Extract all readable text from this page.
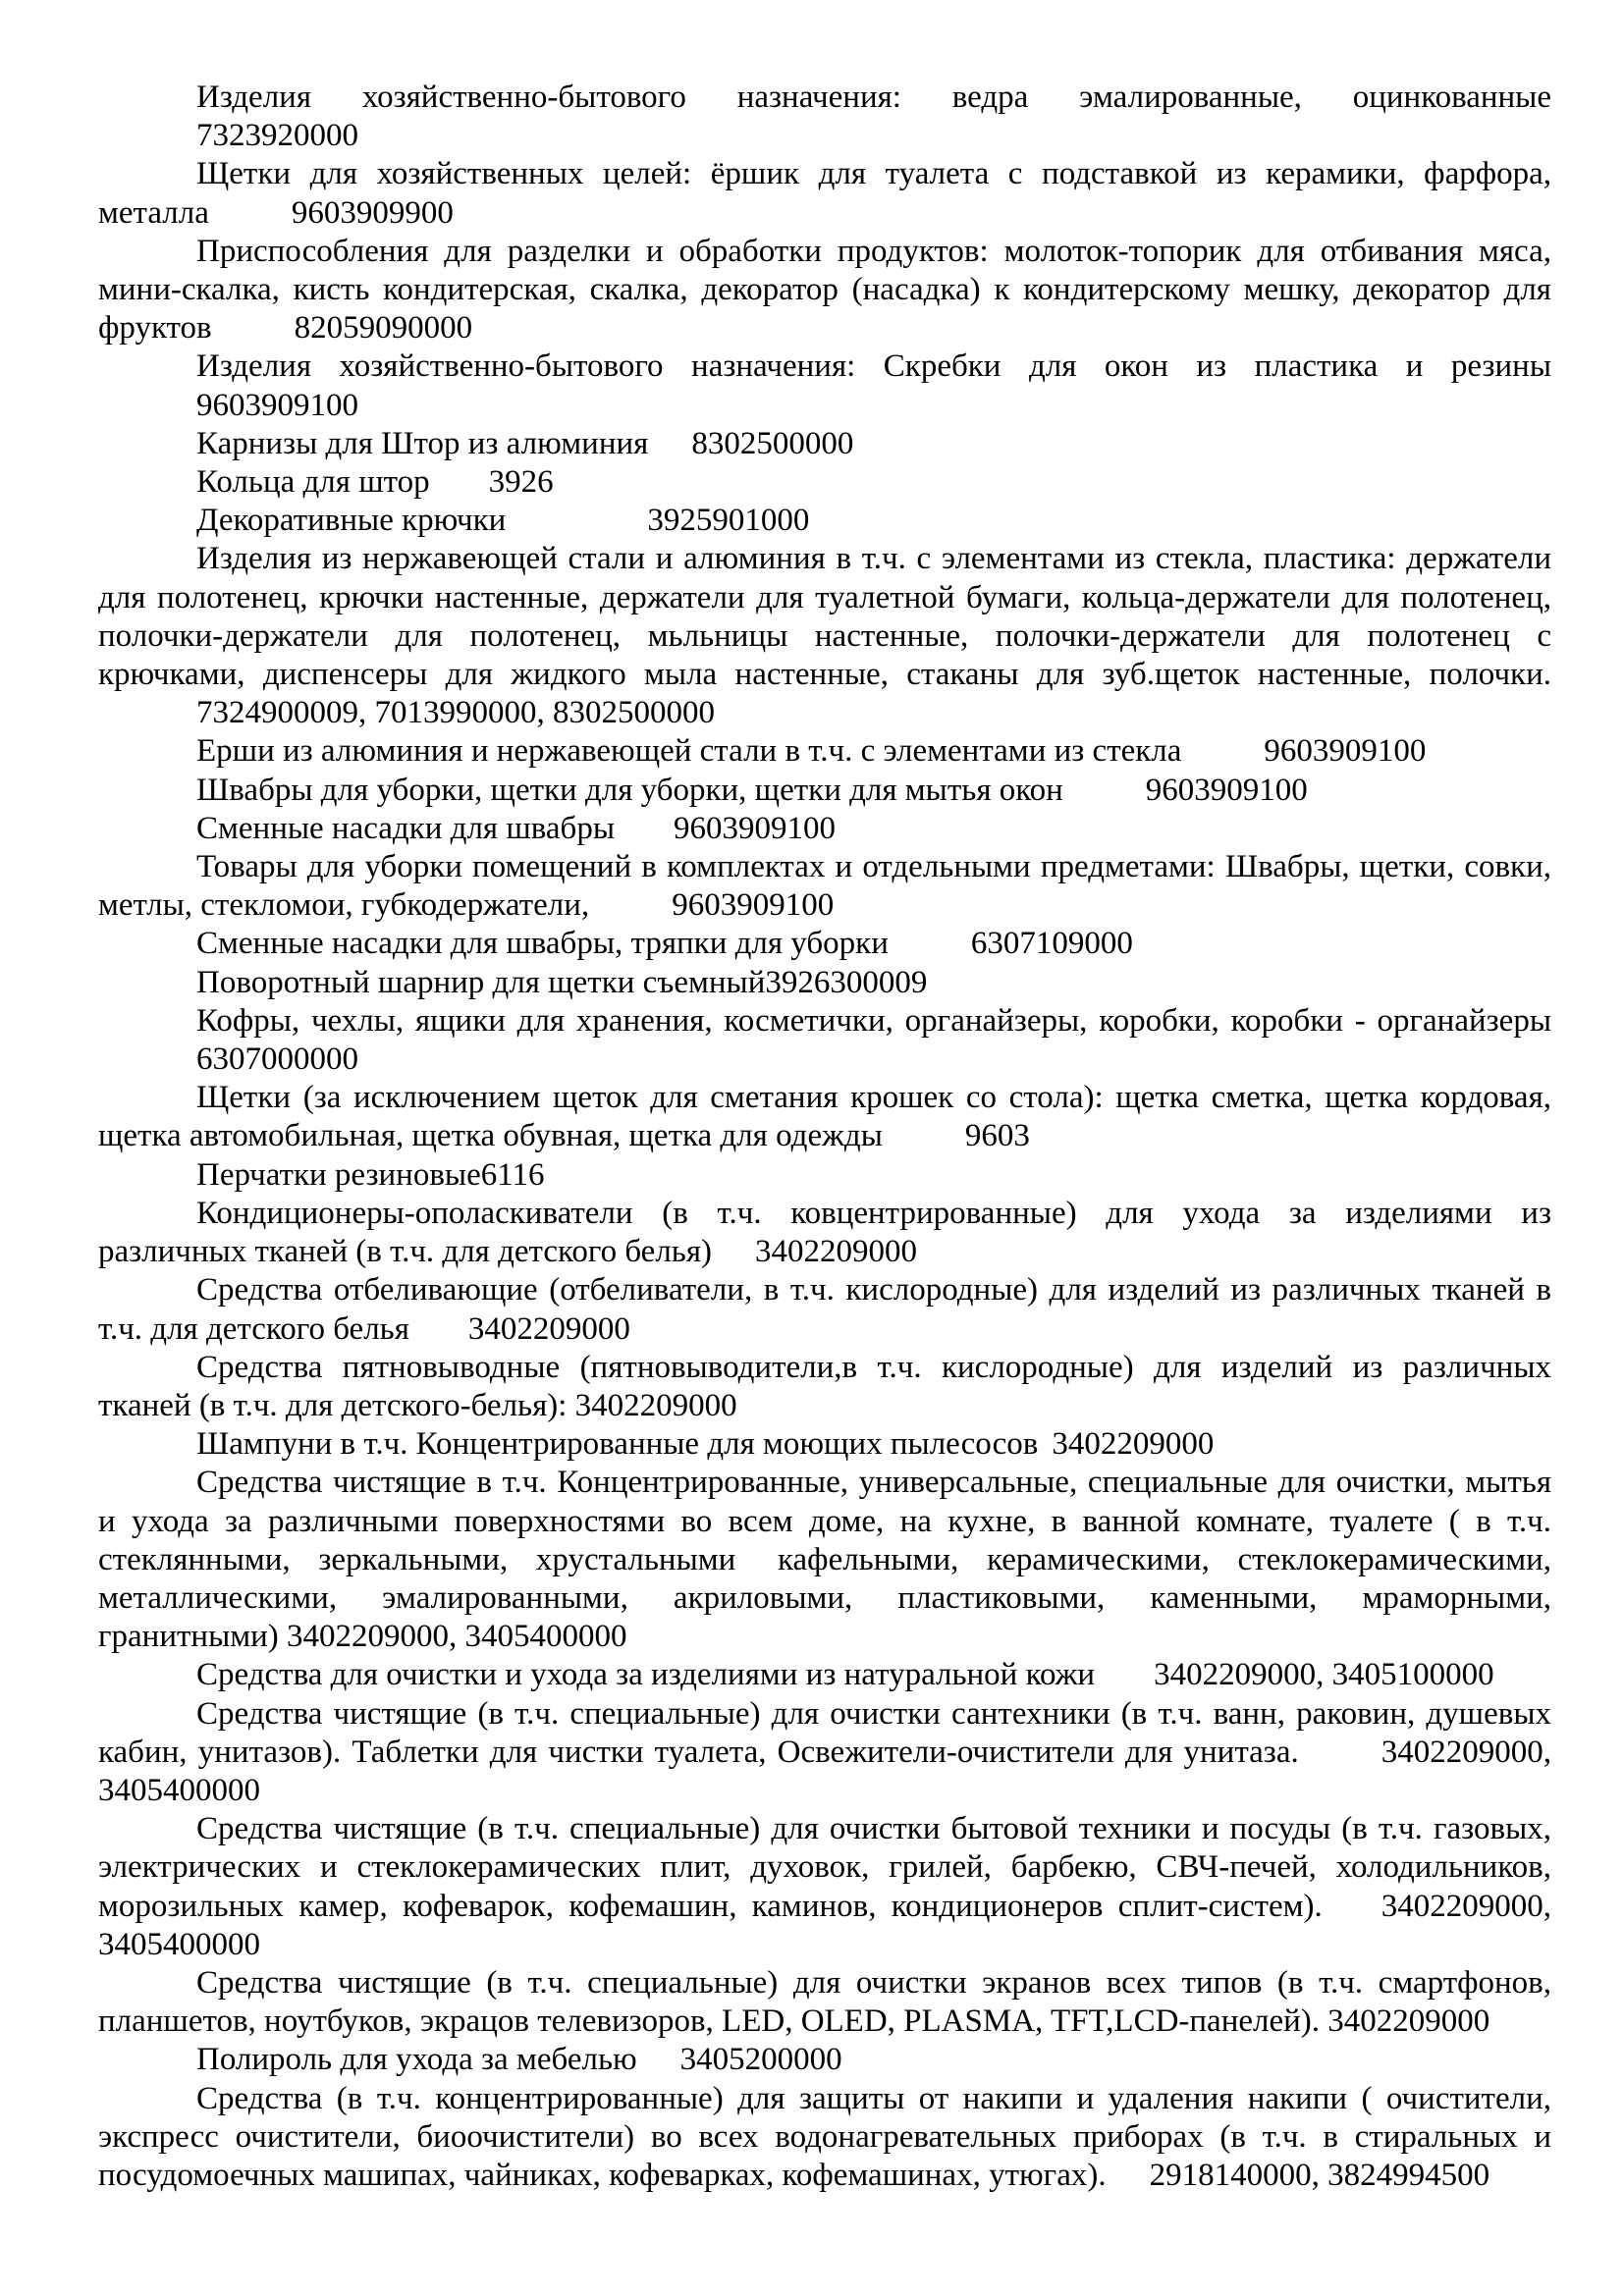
Изделия хозяйственно-бытового назначения: ведра эмалированные, оцинкованные
7323920000
Щетки для хозяйственных целей: ёршик для туалета с подставкой из керамики, фарфора,
металла	9603909900
Приспособления для разделки и обработки продуктов: молоток-топорик для отбивания мяса,
мини-скалка, кисть кондитерская, скалка, декоратор (насадка) к кондитерскому мешку, декоратор для
фруктов	82059090000
Изделия хозяйственно-бытового назначения: Скребки для окон из пластика и резины
9603909100
Карнизы для Штор из алюминия 8302500000
Кольца для штор 3926
Декоративные крючки	3925901000
Изделия из нержавеющей стали и алюминия в т.ч. с элементами из стекла, пластика: держатели
для полотенец, крючки настенные, держатели для туалетной бумаги, кольца-держатели для полотенец,
полочки-держатели для полотенец, мьльницы настенные, полочки-держатели для полотенец с
крючками, диспенсеры для жидкого мыла настенные, стаканы для зуб.щеток настенные, полочки.
7324900009, 7013990000, 8302500000
Ерши из алюминия и нержавеющей стали в т.ч. с элементами из стекла	9603909100
Швабры для уборки, щетки для уборки, щетки для мытья окон	9603909100
Сменные насадки для швабры 9603909100
Товары для уборки помещений в комплектах и отдельными предметами: Швабры, щетки, совки,
метлы, стекломои, губкодержатели,	9603909100
Сменные насадки для швабры, тряпки для уборки	6307109000
Поворотный шарнир для щетки съемный3926300009
Кофры, чехлы, ящики для хранения, косметички, органайзеры, коробки, коробки - органайзеры
6307000000
Щетки (за исключением щеток для сметания крошек со стола): щетка сметка, щетка кордовая,
щетка автомобильная, щетка обувная, щетка для одежды	9603
Перчатки резиновые6116
Кондиционеры-ополаскиватели (в т.ч. ковцентрированные) для ухода за изделиями из
различных тканей (в т.ч. для детского белья) 3402209000
Средства отбеливающие (отбеливатели, в т.ч. кислородные) для изделий из различных тканей в
т.ч. для детского белья 3402209000
Средства пятновыводные (пятновыводители,в т.ч. кислородные) для изделий из различных
тканей (в т.ч. для детского-белья): 3402209000
Шампуни в т.ч. Концентрированные для моющих пылесосов 3402209000
Средства чистящие в т.ч. Концентрированные, универсальные, специальные для очистки, мытья
и ухода за различными поверхностями во всем доме, на кухне, в ванной комнате, туалете ( в т.ч.
стеклянными, зеркальными, хрустальными кафельными, керамическими, стеклокерамическими,
металлическими, эмалированными, акриловыми, пластиковыми, каменными, мраморными,
гранитными) 3402209000, 3405400000
Средства для очистки и ухода за изделиями из натуральной кожи 3402209000, 3405100000
Средства чистящие (в т.ч. специальные) для очистки сантехники (в т.ч. ванн, раковин, душевых
кабин, унитазов). Таблетки для чистки туалета, Освежители-очистители для унитаза.	3402209000,
3405400000
Средства чистящие (в т.ч. специальные) для очистки бытовой техники и посуды (в т.ч. газовых,
электрических и стеклокерамических плит, духовок, грилей, барбекю, СВЧ-печей, холодильников,
морозильных камер, кофеварок, кофемашин, каминов, кондиционеров сплит-систем). 3402209000,
3405400000
Средства чистящие (в т.ч. специальные) для очистки экранов всех типов (в т.ч. смартфонов,
планшетов, ноутбуков, экрацов телевизоров, LED, OLED, PLASMA, TFT,LCD-панелей). 3402209000
Полироль для ухода за мебелью 3405200000
Средства (в т.ч. концентрированные) для защиты от накипи и удаления накипи ( очистители,
экспресс очистители, биоочистители) во всех водонагревательных приборах (в т.ч. в стиральных и
посудомоечных машипах, чайниках, кофеварках, кофемашинах, утюгах). 2918140000, 3824994500
